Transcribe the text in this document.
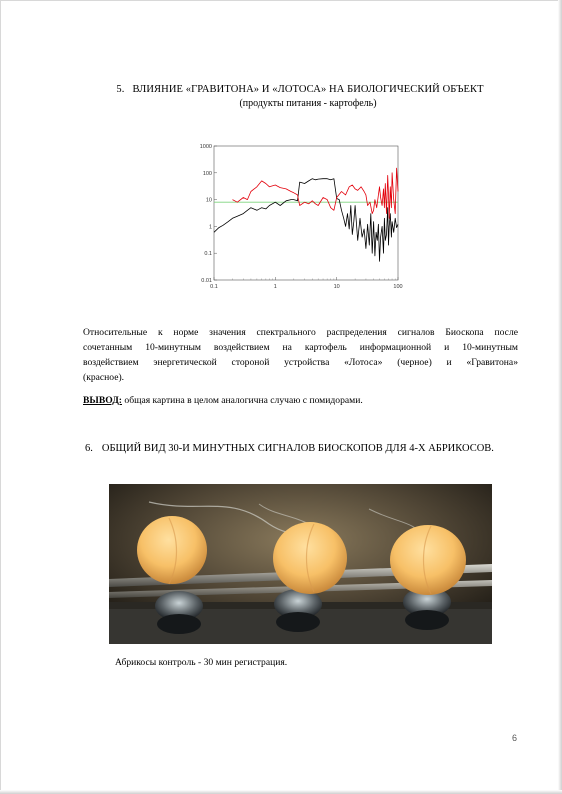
5. ВЛИЯНИЕ «ГРАВИТОНА» И «ЛОТОСА» НА БИОЛОГИЧЕСКИЙ ОБЪЕКТ
(продукты питания - картофель)
0.01
0.1
1
10
100
1000
0.1	1	10	100
Относительные к норме значения спектрального распределения сигналов Биоскопа после
сочетанным 10-минутным воздействием на картофель информационной и 10-минутным
воздействием энергетической стороной устройства «Лотоса» (черное) и «Гравитона»
(красное).
ВЫВОД: общая картина в целом аналогична случаю с помидорами.
6. ОБЩИЙ ВИД 30-И МИНУТНЫХ СИГНАЛОВ БИОСКОПОВ ДЛЯ 4-Х АБРИКОСОВ.
Абрикосы контроль - 30 мин регистрация.
6
